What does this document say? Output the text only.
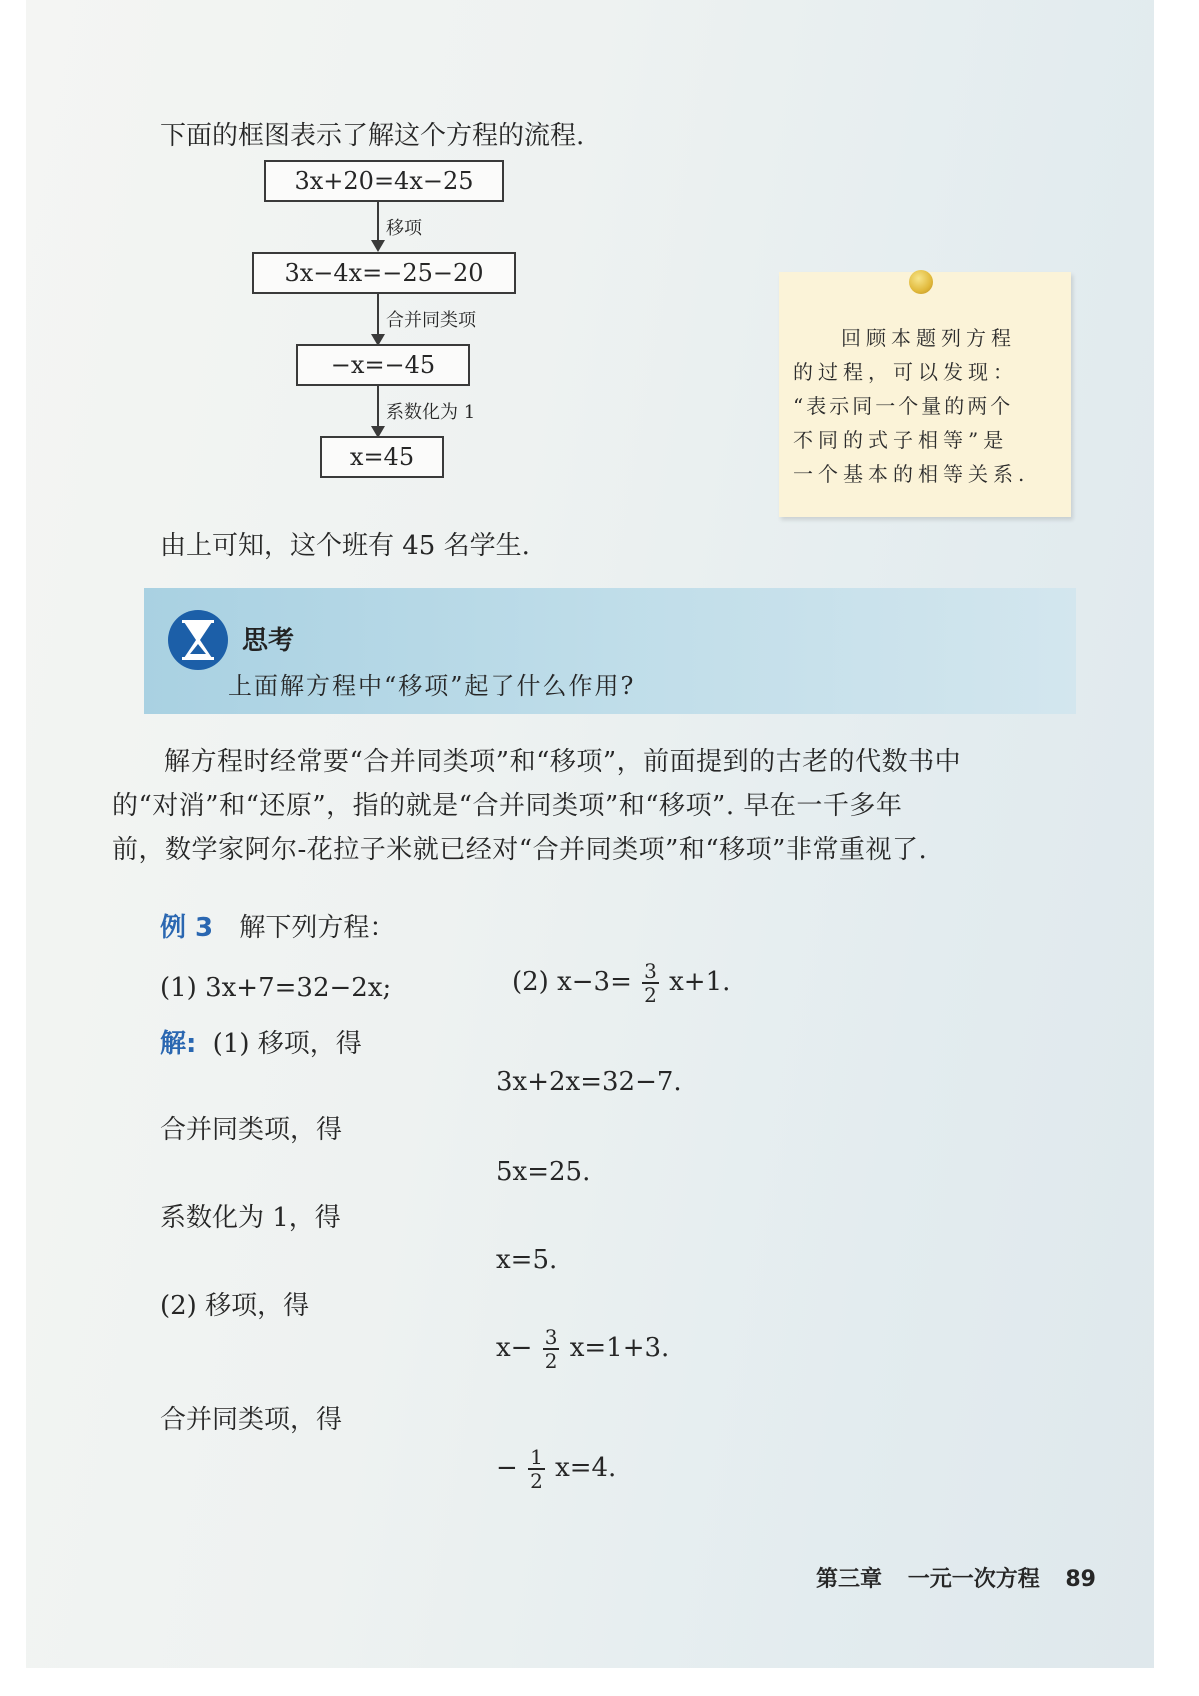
下面的框图表示了解这个方程的流程.
3x+20=4x−25
移项
3x−4x=−25−20
合并同类项
−x=−45
系数化为 1
x=45
回顾本题列方程
的过程，可以发现：
“表示同一个量的两个
不同的式子相等”是
一个基本的相等关系.
由上可知，这个班有 45 名学生.
思考
上面解方程中“移项”起了什么作用?
解方程时经常要“合并同类项”和“移项”，前面提到的古老的代数书中
的“对消”和“还原”，指的就是“合并同类项”和“移项”. 早在一千多年
前，数学家阿尔-花拉子米就已经对“合并同类项”和“移项”非常重视了.
例 3 解下列方程：
(1) 3x+7=32−2x;	(2) $x-3= \frac{3}{2} x+1$.
解: (1) 移项，得
3x+2x=32−7.
合并同类项，得
5x=25.
系数化为 1，得
x=5.
(2) 移项，得
$x- \frac{3}{2} x=1+3$.
合并同类项，得
− $\frac{1}{2} x=4$.
第三章 一元一次方程 89
